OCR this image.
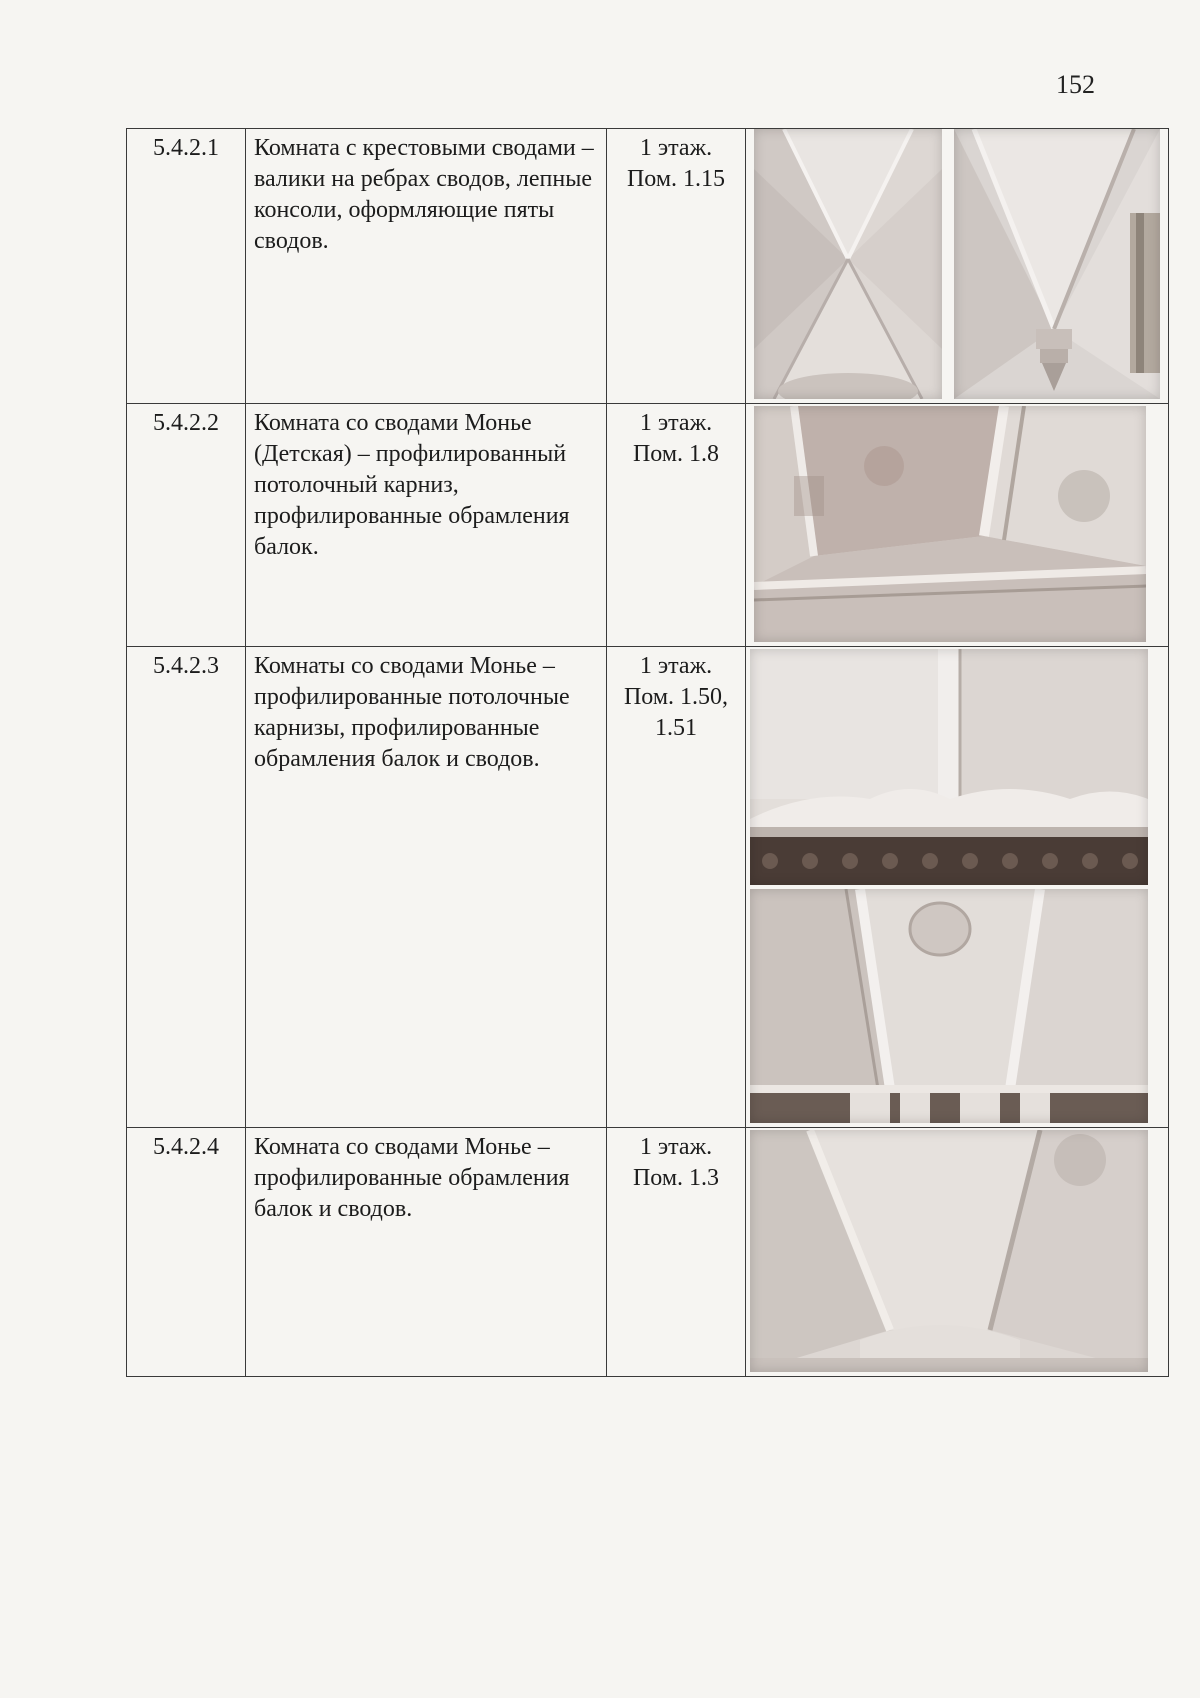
152
5.4.2.1	Комната с крестовыми сводами – валики на ребрах сводов, лепные консоли, оформляющие пяты сводов.	1 этаж.
Пом. 1.15

5.4.2.2	Комната со сводами Монье (Детская) – профилированный потолочный карниз, профилированные обрамления балок.	1 этаж.
Пом. 1.8

5.4.2.3	Комнаты со сводами Монье – профилированные потолочные карнизы, профилированные обрамления балок и сводов.	1 этаж.
Пом. 1.50, 1.51

5.4.2.4	Комната со сводами Монье – профилированные обрамления балок и сводов.	1 этаж.
Пом. 1.3
